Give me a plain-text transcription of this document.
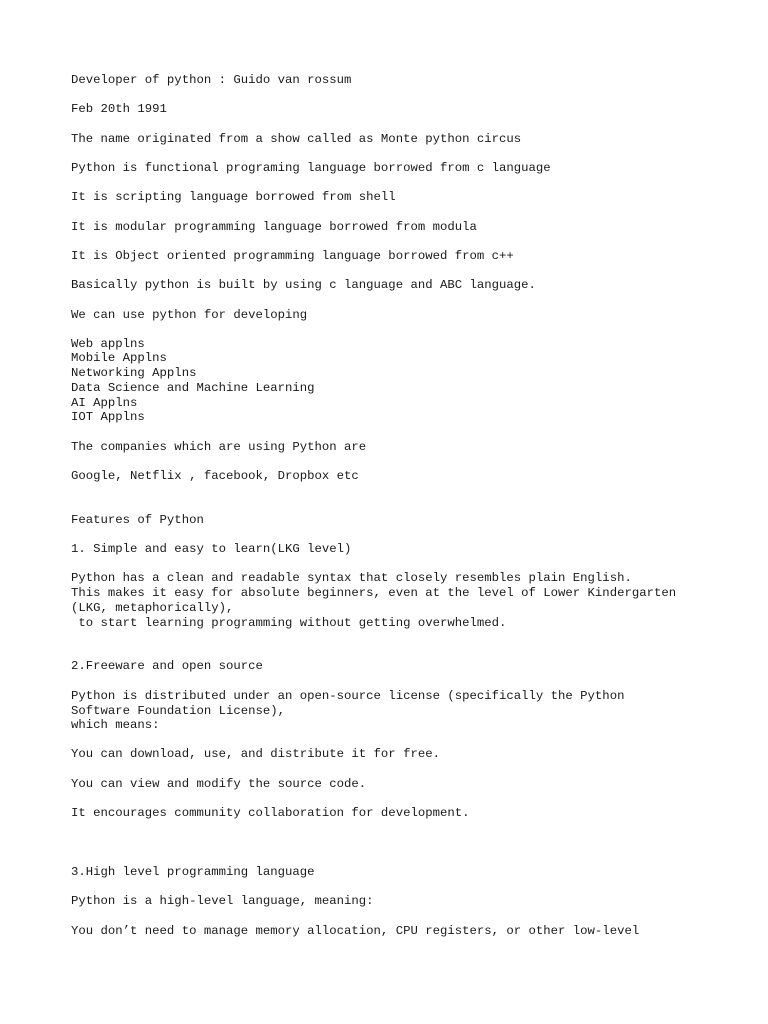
Developer of python : Guido van rossum

Feb 20th 1991

The name originated from a show called as Monte python circus

Python is functional programing language borrowed from c language

It is scripting language borrowed from shell

It is modular programming language borrowed from modula

It is Object oriented programming language borrowed from c++

Basically python is built by using c language and ABC language.

We can use python for developing

Web applns

Mobile Applns

Networking Applns

Data Science and Machine Learning

AI Applns

IOT Applns

The companies which are using Python are

Google, Netflix , facebook, Dropbox etc

Features of Python

1. Simple and easy to learn(LKG level)

Python has a clean and readable syntax that closely resembles plain English.

This makes it easy for absolute beginners, even at the level of Lower Kindergarten

(LKG, metaphorically),

to start learning programming without getting overwhelmed.

2.Freeware and open source

Python is distributed under an open-source license (specifically the Python

Software Foundation License),

which means:

You can download, use, and distribute it for free.

You can view and modify the source code.

It encourages community collaboration for development.

3.High level programming language

Python is a high-level language, meaning:

You don’t need to manage memory allocation, CPU registers, or other low-level
